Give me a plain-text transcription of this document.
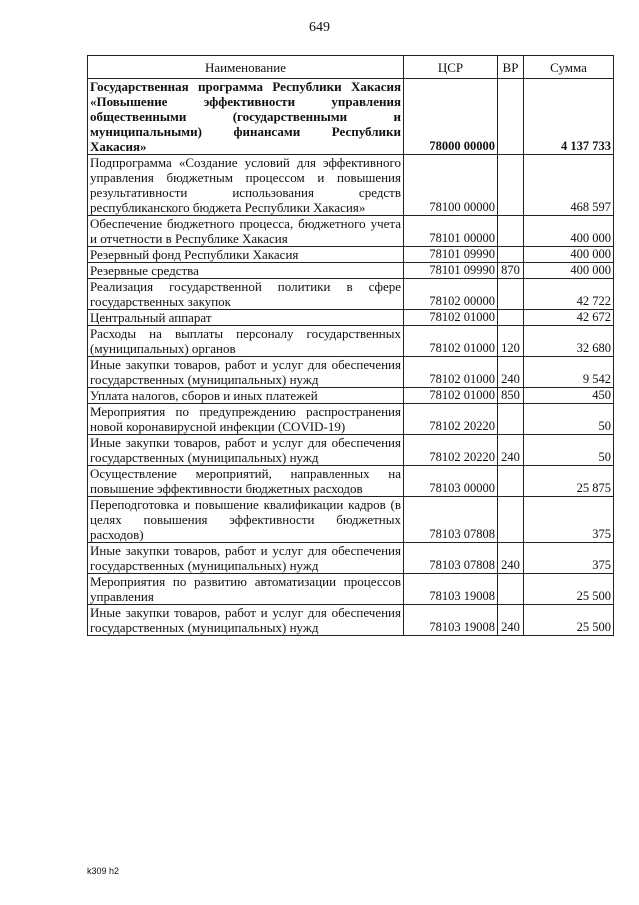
649
Наименование	ЦСР	ВР	Сумма
Государственная программа Республики Хакасия «Повышение эффективности управления общественными (государственными и муниципальными) финансами Республики Хакасия»	78000 00000		4 137 733
Подпрограмма «Создание условий для эффективного управления бюджетным процессом и повышения результативности использования средств республиканского бюджета Республики Хакасия»	78100 00000		468 597
Обеспечение бюджетного процесса, бюджетного учета и отчетности в Республике Хакасия	78101 00000		400 000
Резервный фонд Республики Хакасия	78101 09990		400 000
Резервные средства	78101 09990	870	400 000
Реализация государственной политики в сфере государственных закупок	78102 00000		42 722
Центральный аппарат	78102 01000		42 672
Расходы на выплаты персоналу государственных (муниципальных) органов	78102 01000	120	32 680
Иные закупки товаров, работ и услуг для обеспечения государственных (муниципальных) нужд	78102 01000	240	9 542
Уплата налогов, сборов и иных платежей	78102 01000	850	450
Мероприятия по предупреждению распространения новой коронавирусной инфекции (COVID-19)	78102 20220		50
Иные закупки товаров, работ и услуг для обеспечения государственных (муниципальных) нужд	78102 20220	240	50
Осуществление мероприятий, направленных на повышение эффективности бюджетных расходов	78103 00000		25 875
Переподготовка и повышение квалификации кадров (в целях повышения эффективности бюджетных расходов)	78103 07808		375
Иные закупки товаров, работ и услуг для обеспечения государственных (муниципальных) нужд	78103 07808	240	375
Мероприятия по развитию автоматизации процессов управления	78103 19008		25 500
Иные закупки товаров, работ и услуг для обеспечения государственных (муниципальных) нужд	78103 19008	240	25 500
k309 h2
